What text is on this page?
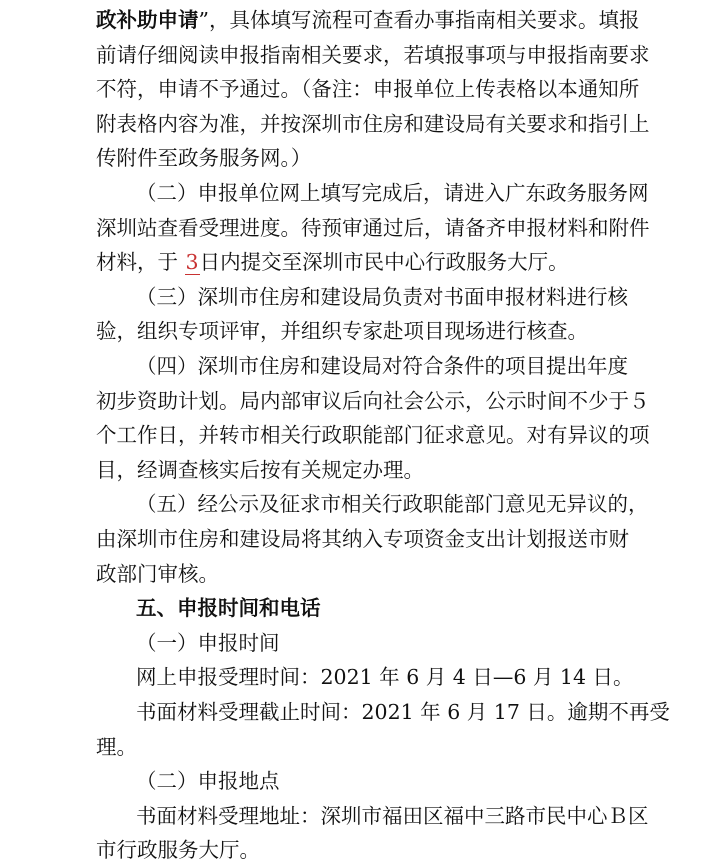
政补助申请”，具体填写流程可查看办事指南相关要求。填报
前请仔细阅读申报指南相关要求，若填报事项与申报指南要求
不符，申请不予通过。（备注：申报单位上传表格以本通知所
附表格内容为准，并按深圳市住房和建设局有关要求和指引上
传附件至政务服务网。）
（二）申报单位网上填写完成后，请进入广东政务服务网
深圳站查看受理进度。待预审通过后，请备齐申报材料和附件
材料，于 3日内提交至深圳市民中心行政服务大厅。
（三）深圳市住房和建设局负责对书面申报材料进行核
验，组织专项评审，并组织专家赴项目现场进行核查。
（四）深圳市住房和建设局对符合条件的项目提出年度
初步资助计划。局内部审议后向社会公示，公示时间不少于５
个工作日，并转市相关行政职能部门征求意见。对有异议的项
目，经调查核实后按有关规定办理。
（五）经公示及征求市相关行政职能部门意见无异议的，
由深圳市住房和建设局将其纳入专项资金支出计划报送市财
政部门审核。
五、申报时间和电话
（一）申报时间
网上申报受理时间：2021 年 6 月 4 日—6 月 14 日。
书面材料受理截止时间：2021 年 6 月 17 日。逾期不再受
理。
（二）申报地点
书面材料受理地址：深圳市福田区福中三路市民中心Ｂ区
市行政服务大厅。
